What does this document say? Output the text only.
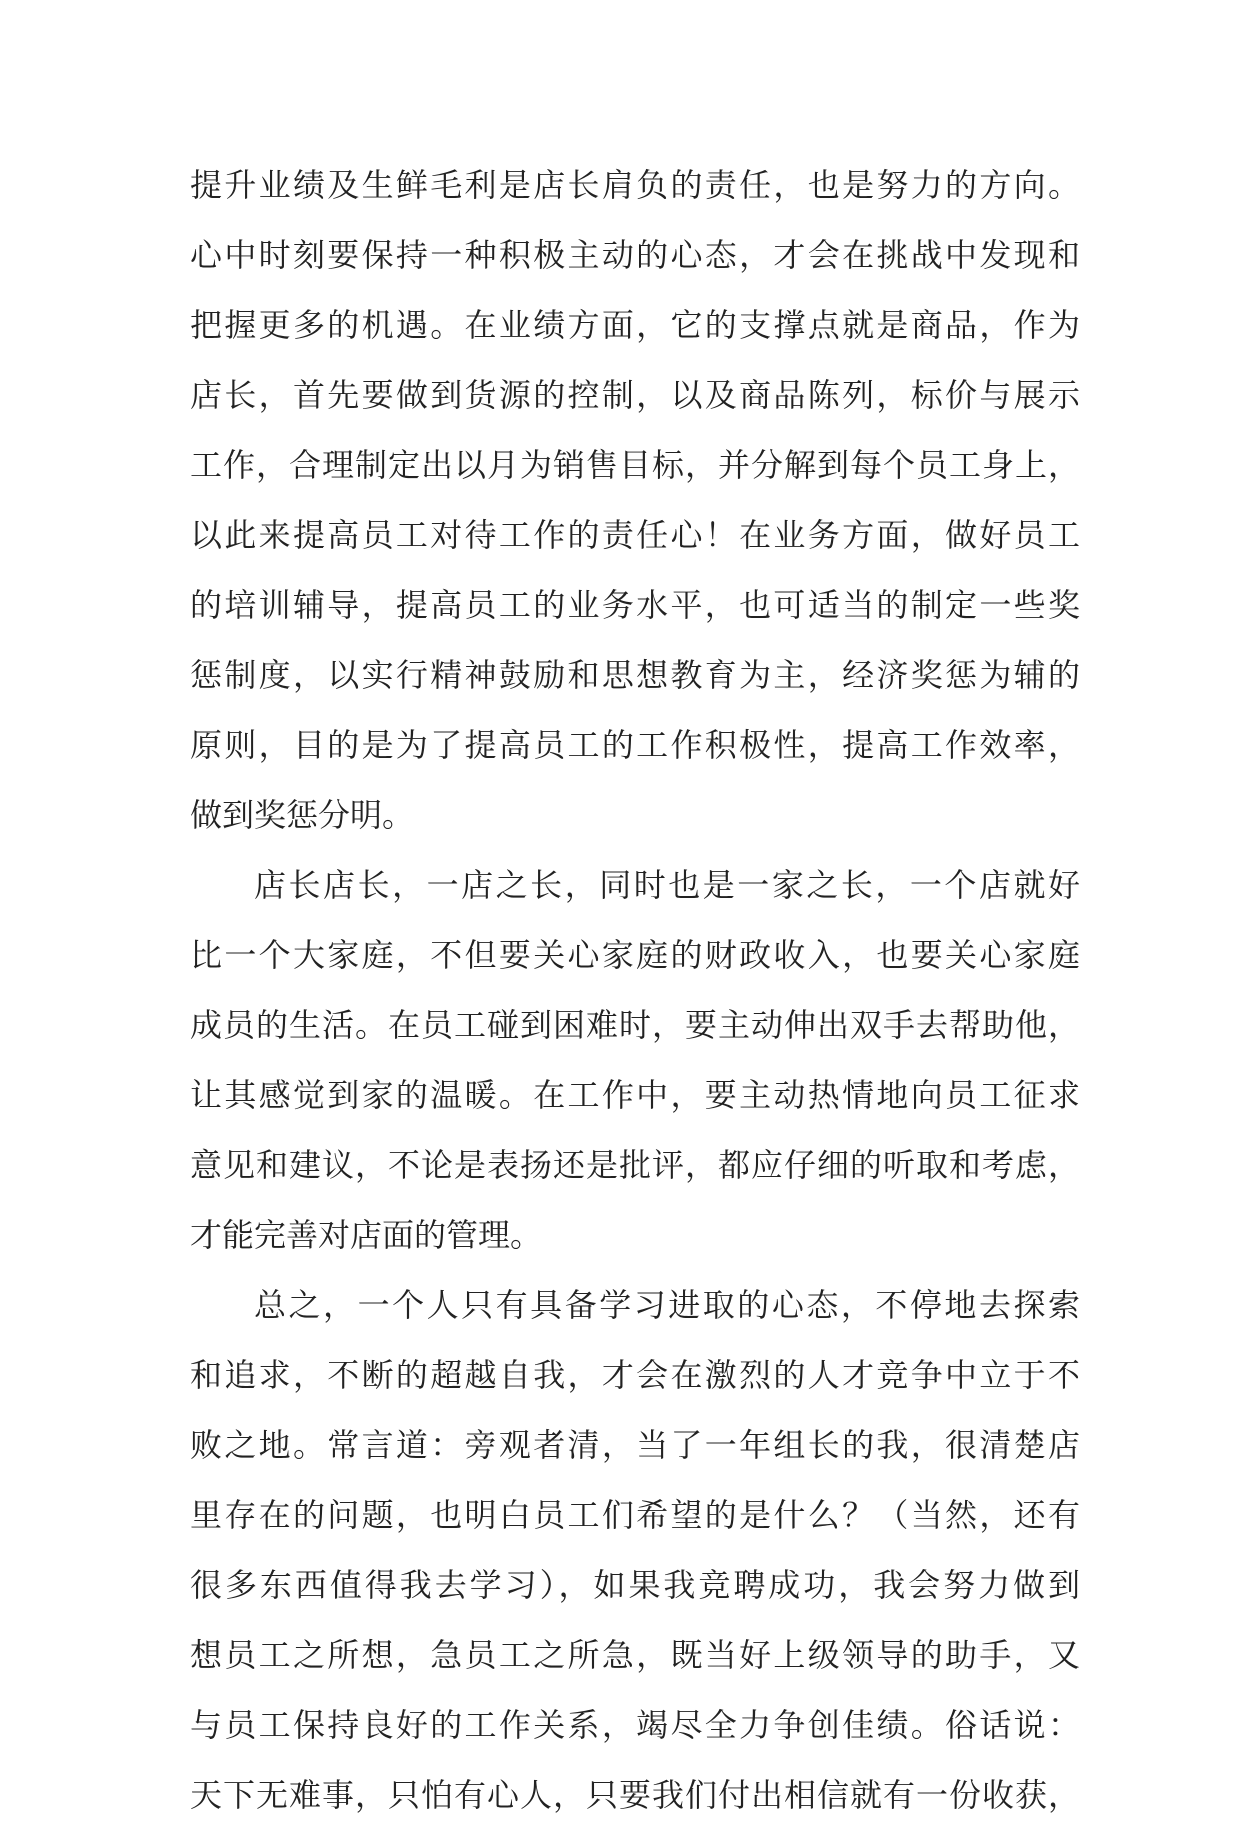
提升业绩及生鲜毛利是店长肩负的责任，也是努力的方向。
心中时刻要保持一种积极主动的心态，才会在挑战中发现和
把握更多的机遇。在业绩方面，它的支撑点就是商品，作为
店长，首先要做到货源的控制，以及商品陈列，标价与展示
工作，合理制定出以月为销售目标，并分解到每个员工身上，
以此来提高员工对待工作的责任心！在业务方面，做好员工
的培训辅导，提高员工的业务水平，也可适当的制定一些奖
惩制度，以实行精神鼓励和思想教育为主，经济奖惩为辅的
原则，目的是为了提高员工的工作积极性，提高工作效率，
做到奖惩分明。
店长店长，一店之长，同时也是一家之长，一个店就好
比一个大家庭，不但要关心家庭的财政收入，也要关心家庭
成员的生活。在员工碰到困难时，要主动伸出双手去帮助他，
让其感觉到家的温暖。在工作中，要主动热情地向员工征求
意见和建议，不论是表扬还是批评，都应仔细的听取和考虑，
才能完善对店面的管理。
总之，一个人只有具备学习进取的心态，不停地去探索
和追求，不断的超越自我，才会在激烈的人才竞争中立于不
败之地。常言道：旁观者清，当了一年组长的我，很清楚店
里存在的问题，也明白员工们希望的是什么？（当然，还有
很多东西值得我去学习），如果我竞聘成功，我会努力做到
想员工之所想，急员工之所急，既当好上级领导的助手，又
与员工保持良好的工作关系，竭尽全力争创佳绩。俗话说：
天下无难事，只怕有心人，只要我们付出相信就有一份收获，
